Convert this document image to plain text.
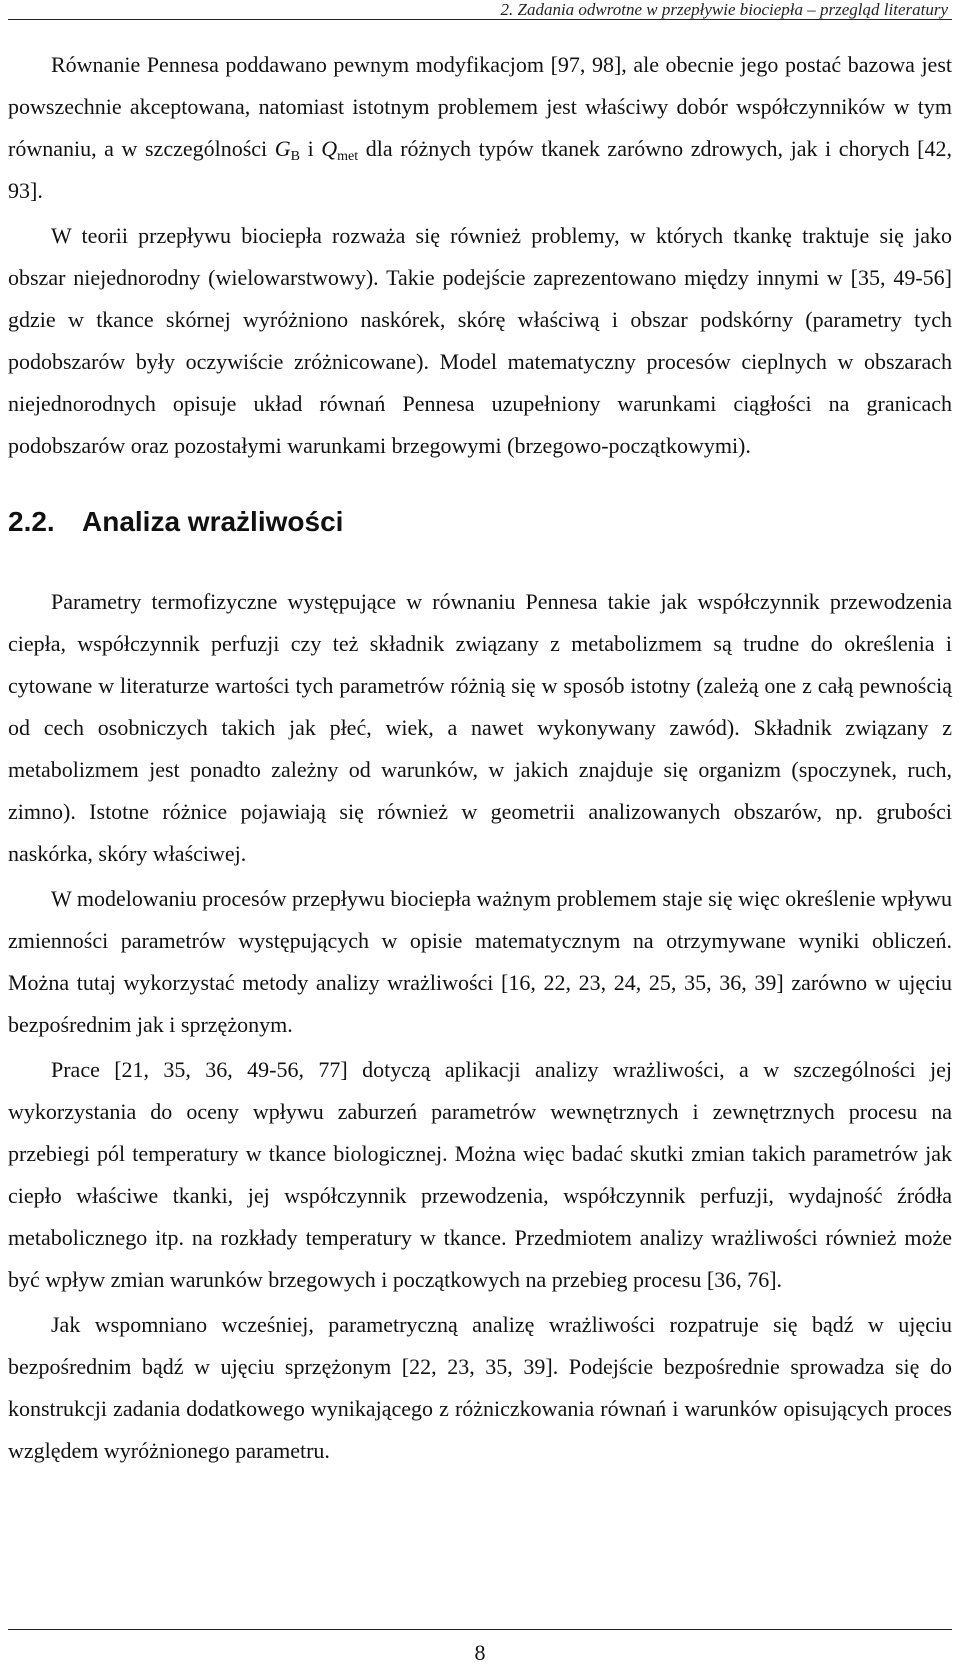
2. Zadania odwrotne w przepływie biociepła – przegląd literatury

Równanie Pennesa poddawano pewnym modyfikacjom [97, 98], ale obecnie jego postać bazowa jest powszechnie akceptowana, natomiast istotnym problemem jest właściwy dobór współczynników w tym równaniu, a w szczególności $G_B$ i $Q_{met}$ dla różnych typów tkanek zarówno zdrowych, jak i chorych [42, 93].

W teorii przepływu biociepła rozważa się również problemy, w których tkankę traktuje się jako obszar niejednorodny (wielowarstwowy). Takie podejście zaprezentowano między innymi w [35, 49-56] gdzie w tkance skórnej wyróżniono naskórek, skórę właściwą i obszar podskórny (parametry tych podobszarów były oczywiście zróżnicowane). Model matematyczny procesów cieplnych w obszarach niejednorodnych opisuje układ równań Pennesa uzupełniony warunkami ciągłości na granicach podobszarów oraz pozostałymi warunkami brzegowymi (brzegowo-początkowymi).

2.2. Analiza wrażliwości

Parametry termofizyczne występujące w równaniu Pennesa takie jak współczynnik przewodzenia ciepła, współczynnik perfuzji czy też składnik związany z metabolizmem są trudne do określenia i cytowane w literaturze wartości tych parametrów różnią się w sposób istotny (zależą one z całą pewnością od cech osobniczych takich jak płeć, wiek, a nawet wykonywany zawód). Składnik związany z metabolizmem jest ponadto zależny od warunków, w jakich znajduje się organizm (spoczynek, ruch, zimno). Istotne różnice pojawiają się również w geometrii analizowanych obszarów, np. grubości naskórka, skóry właściwej.

W modelowaniu procesów przepływu biociepła ważnym problemem staje się więc określenie wpływu zmienności parametrów występujących w opisie matematycznym na otrzymywane wyniki obliczeń. Można tutaj wykorzystać metody analizy wrażliwości [16, 22, 23, 24, 25, 35, 36, 39] zarówno w ujęciu bezpośrednim jak i sprzężonym.

Prace [21, 35, 36, 49-56, 77] dotyczą aplikacji analizy wrażliwości, a w szczególności jej wykorzystania do oceny wpływu zaburzeń parametrów wewnętrznych i zewnętrznych procesu na przebiegi pól temperatury w tkance biologicznej. Można więc badać skutki zmian takich parametrów jak ciepło właściwe tkanki, jej współczynnik przewodzenia, współczynnik perfuzji, wydajność źródła metabolicznego itp. na rozkłady temperatury w tkance. Przedmiotem analizy wrażliwości również może być wpływ zmian warunków brzegowych i początkowych na przebieg procesu [36, 76].

Jak wspomniano wcześniej, parametryczną analizę wrażliwości rozpatruje się bądź w ujęciu bezpośrednim bądź w ujęciu sprzężonym [22, 23, 35, 39]. Podejście bezpośrednie sprowadza się do konstrukcji zadania dodatkowego wynikającego z różniczkowania równań i warunków opisujących proces względem wyróżnionego parametru.

8
